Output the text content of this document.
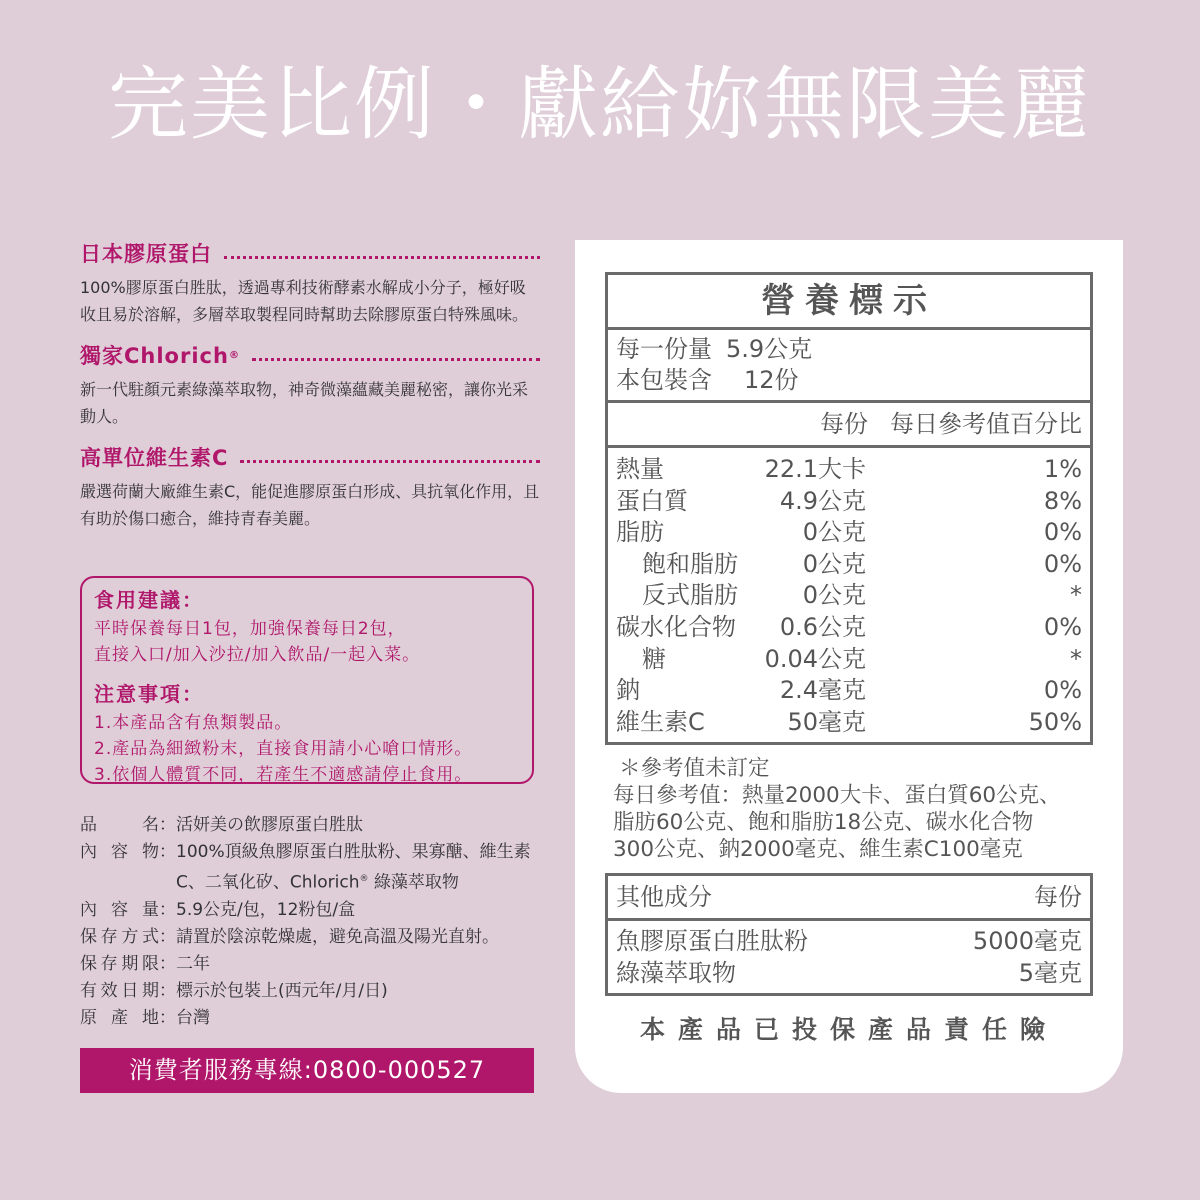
完美比例・獻給妳無限美麗
日本膠原蛋白
100%膠原蛋白胜肽，透過專利技術酵素水解成小分子，極好吸收且易於溶解，多層萃取製程同時幫助去除膠原蛋白特殊風味。
獨家Chlorich ®
新一代駐顏元素綠藻萃取物，神奇微藻蘊藏美麗秘密，讓你光采動人。
高單位維生素C
嚴選荷蘭大廠維生素C，能促進膠原蛋白形成、具抗氧化作用，且有助於傷口癒合，維持青春美麗。
食用建議：
平時保養每日1包，加強保養每日2包，
直接入口/加入沙拉/加入飲品/一起入菜。
注意事項：
1.本產品含有魚類製品。
2.產品為細緻粉末，直接食用請小心嗆口情形。
3.依個人體質不同，若產生不適感請停止食用。
品名 ： 活妍美の飲膠原蛋白胜肽
內容物 ： 100%頂級魚膠原蛋白胜肽粉、果寡醣、維生素C、二氧化矽、Chlorich® 綠藻萃取物
內容量 ： 5.9公克/包，12粉包/盒
保存方式 ： 請置於陰涼乾燥處，避免高溫及陽光直射。
保存期限 ： 二年
有效日期 ： 標示於包裝上(西元年/月/日)
原產地 ： 台灣
消費者服務專線:0800-000527
營養標示
每一份量 5.9公克
本包裝含 12份
每份 每日參考值百分比
熱量	22.1大卡	1%
蛋白質	4.9公克	8%
脂肪	0公克	0%
飽和脂肪	0公克	0%
反式脂肪	0公克	*
碳水化合物	0.6公克	0%
糖	0.04公克	*
鈉	2.4毫克	0%
維生素C	50毫克	50%
＊參考值未訂定
每日參考值：熱量2000大卡、蛋白質60公克、
脂肪60公克、飽和脂肪18公克、碳水化合物
300公克、鈉2000毫克、維生素C100毫克
其他成分	每份
魚膠原蛋白胜肽粉	5000毫克
綠藻萃取物	5毫克
本產品已投保產品責任險
